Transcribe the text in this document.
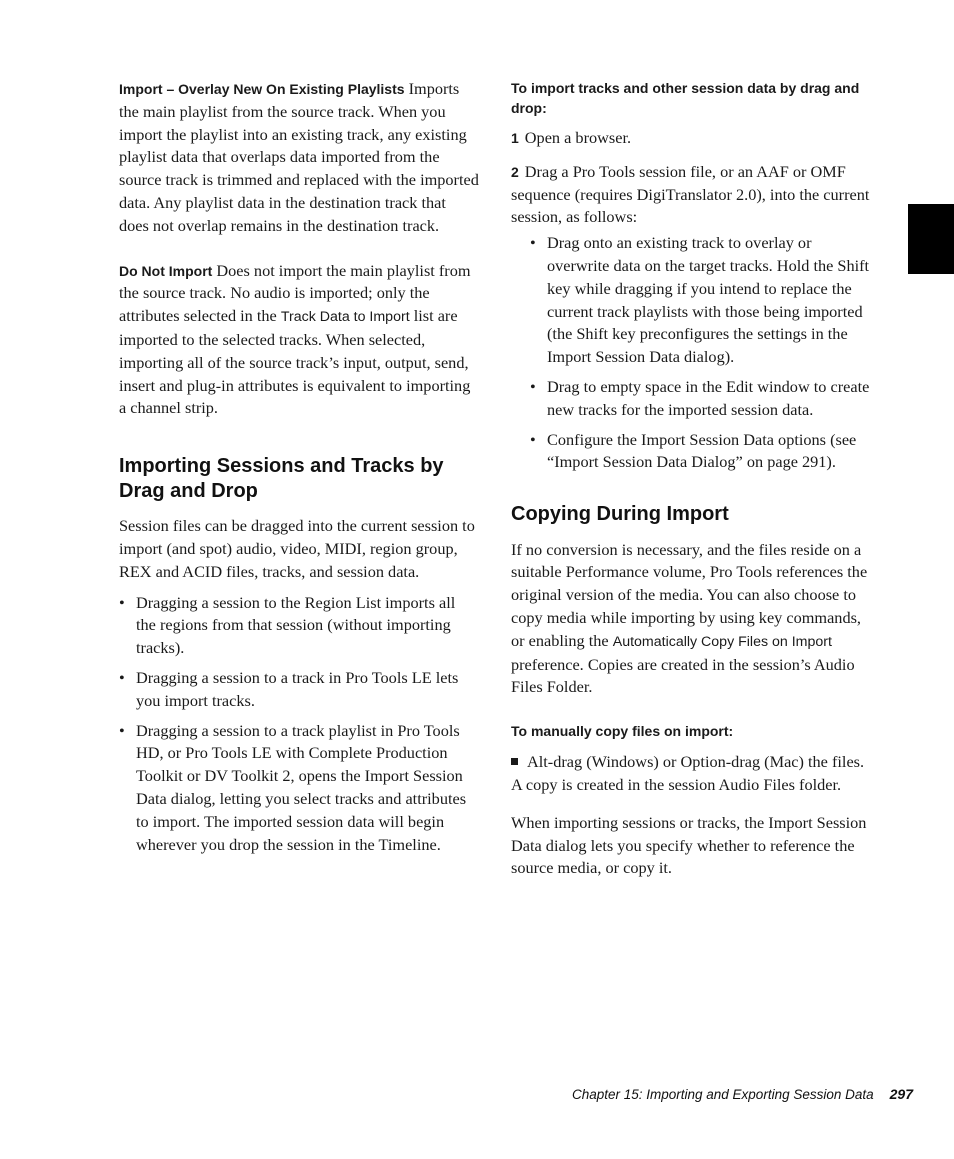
Import – Overlay New On Existing Playlists Imports the main playlist from the source track. When you import the playlist into an existing track, any existing playlist data that overlaps data imported from the source track is trimmed and replaced with the imported data. Any playlist data in the destination track that does not overlap remains in the destination track.

Do Not Import Does not import the main playlist from the source track. No audio is imported; only the attributes selected in the Track Data to Import list are imported to the selected tracks. When selected, importing all of the source track’s input, output, send, insert and plug-in attributes is equivalent to importing a channel strip.

Importing Sessions and Tracks by Drag and Drop

Session files can be dragged into the current session to import (and spot) audio, video, MIDI, region group, REX and ACID files, tracks, and session data.

• Dragging a session to the Region List imports all the regions from that session (without importing tracks).
• Dragging a session to a track in Pro Tools LE lets you import tracks.
• Dragging a session to a track playlist in Pro Tools HD, or Pro Tools LE with Complete Production Toolkit or DV Toolkit 2, opens the Import Session Data dialog, letting you select tracks and attributes to import. The imported session data will begin wherever you drop the session in the Timeline.
To import tracks and other session data by drag and drop:

1 Open a browser.

2 Drag a Pro Tools session file, or an AAF or OMF sequence (requires DigiTranslator 2.0), into the current session, as follows:

• Drag onto an existing track to overlay or overwrite data on the target tracks. Hold the Shift key while dragging if you intend to replace the current track playlists with those being imported (the Shift key preconfigures the settings in the Import Session Data dialog).
• Drag to empty space in the Edit window to create new tracks for the imported session data.
• Configure the Import Session Data options (see “Import Session Data Dialog” on page 291).
Copying During Import

If no conversion is necessary, and the files reside on a suitable Performance volume, Pro Tools references the original version of the media. You can also choose to copy media while importing by using key commands, or enabling the Automatically Copy Files on Import preference. Copies are created in the session’s Audio Files Folder.

To manually copy files on import:

Alt-drag (Windows) or Option-drag (Mac) the files. A copy is created in the session Audio Files folder.

When importing sessions or tracks, the Import Session Data dialog lets you specify whether to reference the source media, or copy it.

Chapter 15: Importing and Exporting Session Data 297
